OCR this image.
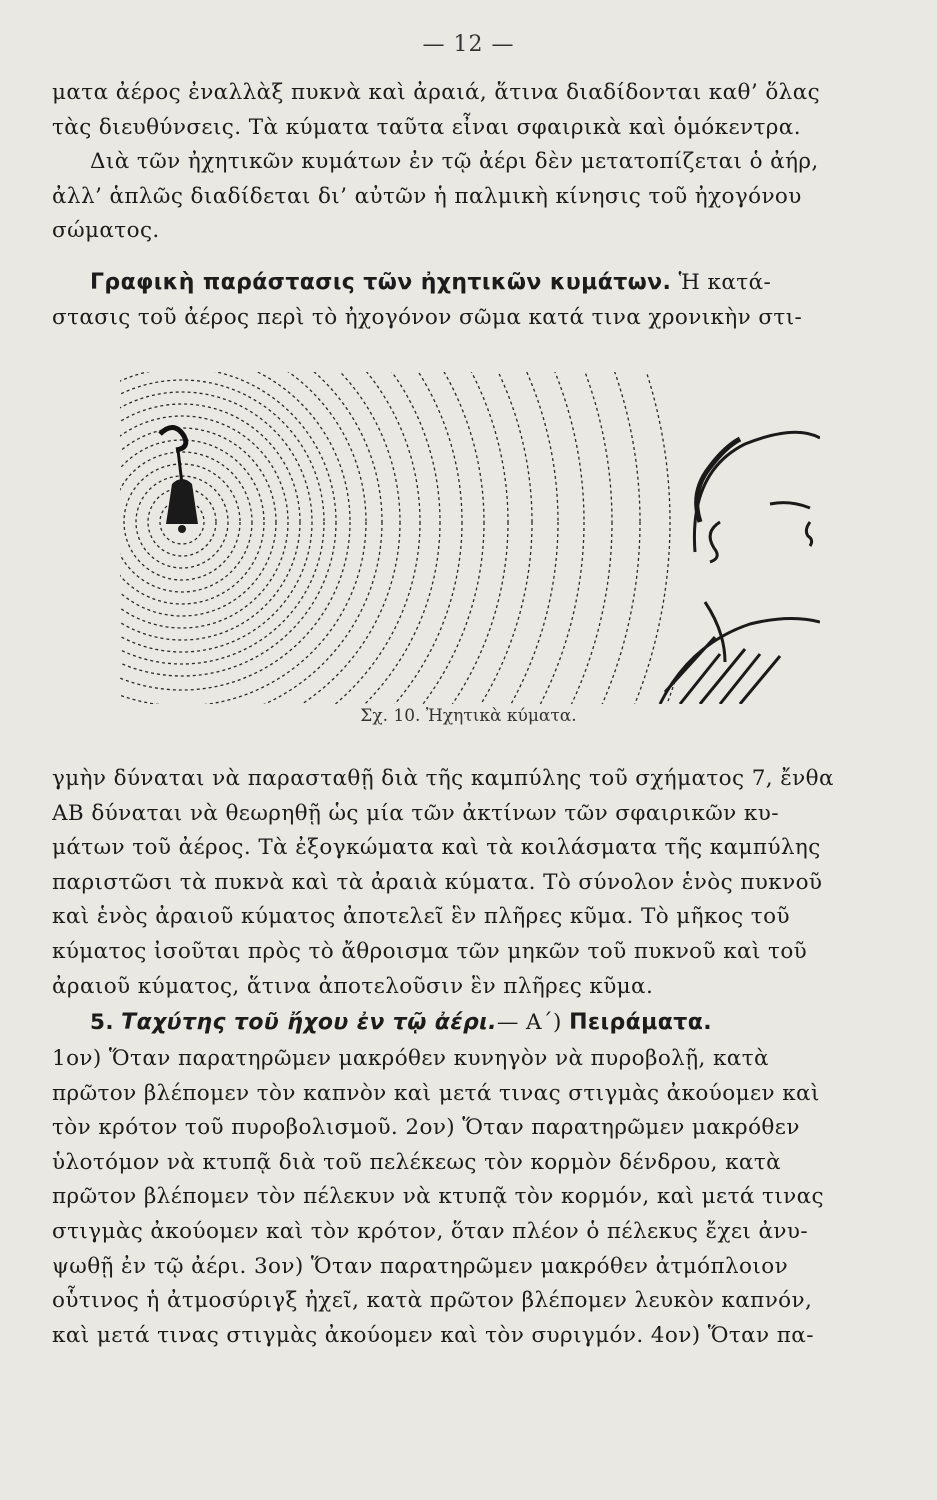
— 12 —
ματα ἀέρος ἐναλλὰξ πυκνὰ καὶ ἀραιά, ἅτινα διαδίδονται καθ’ ὅλας
τὰς διευθύνσεις. Τὰ κύματα ταῦτα εἶναι σφαιρικὰ καὶ ὁμόκεντρα.
Διὰ τῶν ἠχητικῶν κυμάτων ἐν τῷ ἀέρι δὲν μετατοπίζεται ὁ ἀήρ,
ἀλλ’ ἁπλῶς διαδίδεται δι’ αὐτῶν ἡ παλμικὴ κίνησις τοῦ ἠχογόνου
σώματος.
Γραφικὴ παράστασις τῶν ἠχητικῶν κυμάτων. Ἡ κατά-
στασις τοῦ ἀέρος περὶ τὸ ἠχογόνον σῶμα κατά τινα χρονικὴν στι-
Σχ. 10. Ἠχητικὰ κύματα.
γμὴν δύναται νὰ παρασταθῇ διὰ τῆς καμπύλης τοῦ σχήματος 7, ἔνθα
ΑΒ δύναται νὰ θεωρηθῇ ὡς μία τῶν ἀκτίνων τῶν σφαιρικῶν κυ-
μάτων τοῦ ἀέρος. Τὰ ἐξογκώματα καὶ τὰ κοιλάσματα τῆς καμπύλης
παριστῶσι τὰ πυκνὰ καὶ τὰ ἀραιὰ κύματα. Τὸ σύνολον ἑνὸς πυκνοῦ
καὶ ἑνὸς ἀραιοῦ κύματος ἀποτελεῖ ἓν πλῆρες κῦμα. Τὸ μῆκος τοῦ
κύματος ἰσοῦται πρὸς τὸ ἄθροισμα τῶν μηκῶν τοῦ πυκνοῦ καὶ τοῦ
ἀραιοῦ κύματος, ἅτινα ἀποτελοῦσιν ἓν πλῆρες κῦμα.
5. Ταχύτης τοῦ ἤχου ἐν τῷ ἀέρι.— Α΄) Πειράματα.
1ον) Ὅταν παρατηρῶμεν μακρόθεν κυνηγὸν νὰ πυροβολῇ, κατὰ
πρῶτον βλέπομεν τὸν καπνὸν καὶ μετά τινας στιγμὰς ἀκούομεν καὶ
τὸν κρότον τοῦ πυροβολισμοῦ. 2ον) Ὅταν παρατηρῶμεν μακρόθεν
ὑλοτόμον νὰ κτυπᾷ διὰ τοῦ πελέκεως τὸν κορμὸν δένδρου, κατὰ
πρῶτον βλέπομεν τὸν πέλεκυν νὰ κτυπᾷ τὸν κορμόν, καὶ μετά τινας
στιγμὰς ἀκούομεν καὶ τὸν κρότον, ὅταν πλέον ὁ πέλεκυς ἔχει ἀνυ-
ψωθῇ ἐν τῷ ἀέρι. 3ον) Ὅταν παρατηρῶμεν μακρόθεν ἀτμόπλοιον
οὗτινος ἡ ἀτμοσύριγξ ἠχεῖ, κατὰ πρῶτον βλέπομεν λευκὸν καπνόν,
καὶ μετά τινας στιγμὰς ἀκούομεν καὶ τὸν συριγμόν. 4ον) Ὅταν πα-
